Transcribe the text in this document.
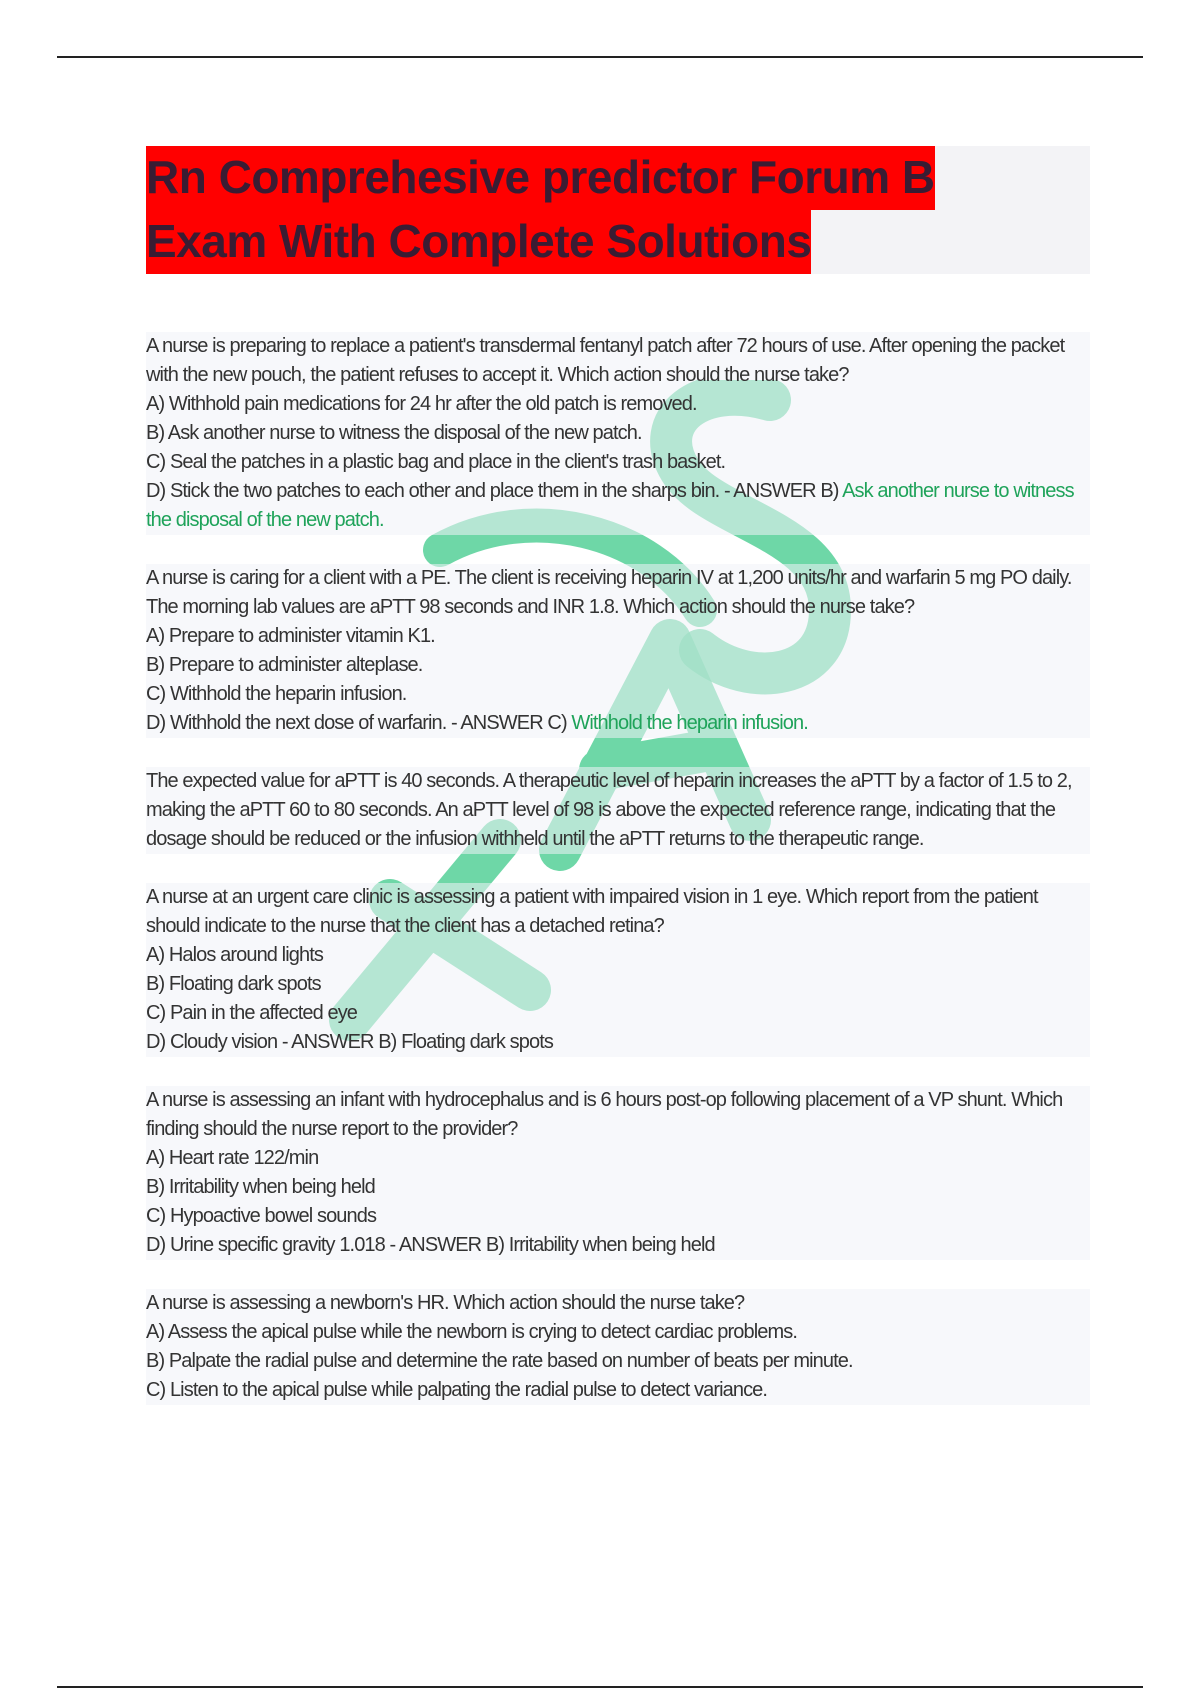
Rn Comprehesive predictor Forum B
Exam With Complete Solutions
A nurse is preparing to replace a patient's transdermal fentanyl patch after 72 hours of use. After opening the packet
with the new pouch, the patient refuses to accept it. Which action should the nurse take?
A) Withhold pain medications for 24 hr after the old patch is removed.
B) Ask another nurse to witness the disposal of the new patch.
C) Seal the patches in a plastic bag and place in the client's trash basket.
D) Stick the two patches to each other and place them in the sharps bin. - ANSWER B) Ask another nurse to witness
the disposal of the new patch.
A nurse is caring for a client with a PE. The client is receiving heparin IV at 1,200 units/hr and warfarin 5 mg PO daily.
The morning lab values are aPTT 98 seconds and INR 1.8. Which action should the nurse take?
A) Prepare to administer vitamin K1.
B) Prepare to administer alteplase.
C) Withhold the heparin infusion.
D) Withhold the next dose of warfarin. - ANSWER C) Withhold the heparin infusion.
The expected value for aPTT is 40 seconds. A therapeutic level of heparin increases the aPTT by a factor of 1.5 to 2,
making the aPTT 60 to 80 seconds. An aPTT level of 98 is above the expected reference range, indicating that the
dosage should be reduced or the infusion withheld until the aPTT returns to the therapeutic range.
A nurse at an urgent care clinic is assessing a patient with impaired vision in 1 eye. Which report from the patient
should indicate to the nurse that the client has a detached retina?
A) Halos around lights
B) Floating dark spots
C) Pain in the affected eye
D) Cloudy vision - ANSWER B) Floating dark spots
A nurse is assessing an infant with hydrocephalus and is 6 hours post-op following placement of a VP shunt. Which
finding should the nurse report to the provider?
A) Heart rate 122/min
B) Irritability when being held
C) Hypoactive bowel sounds
D) Urine specific gravity 1.018 - ANSWER B) Irritability when being held
A nurse is assessing a newborn's HR. Which action should the nurse take?
A) Assess the apical pulse while the newborn is crying to detect cardiac problems.
B) Palpate the radial pulse and determine the rate based on number of beats per minute.
C) Listen to the apical pulse while palpating the radial pulse to detect variance.
